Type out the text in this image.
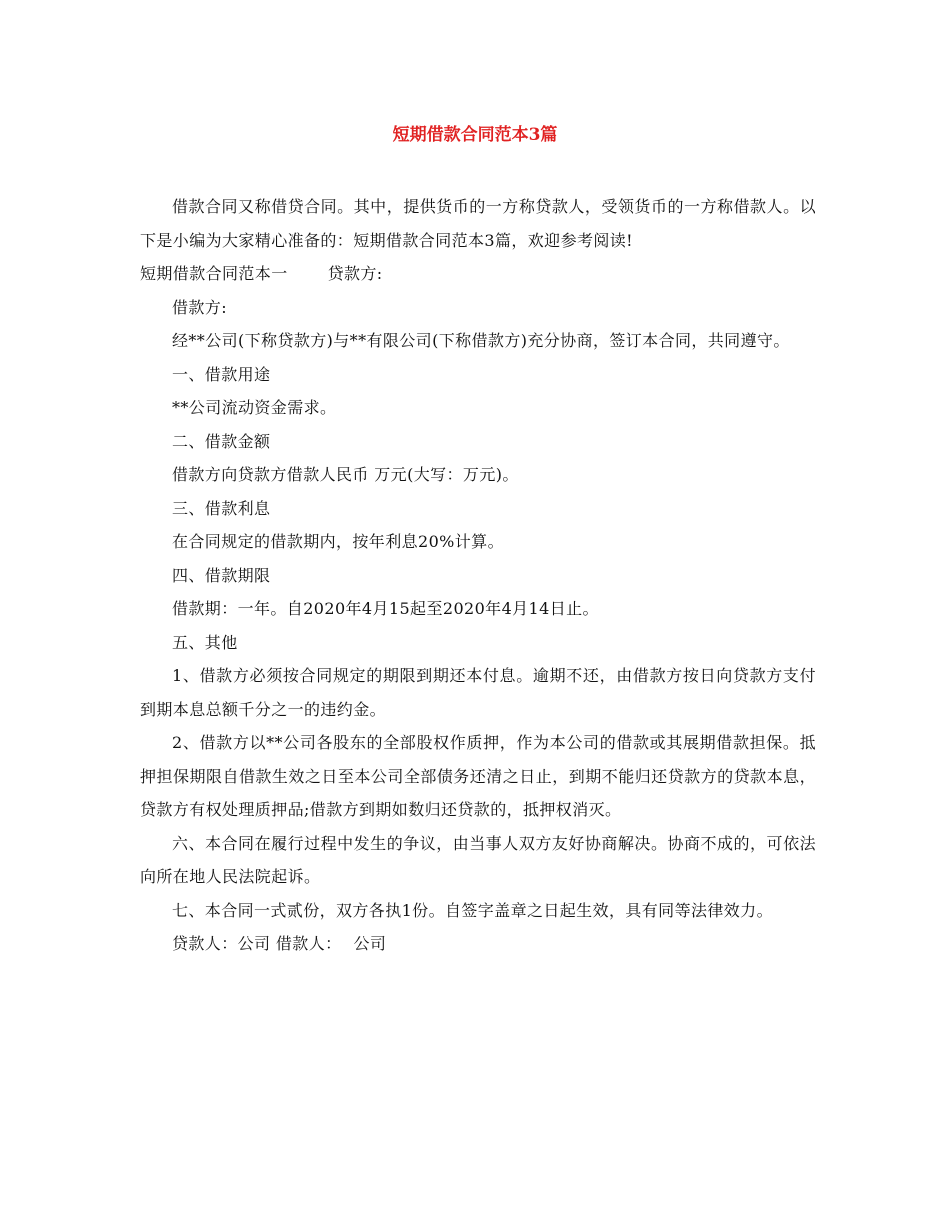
短期借款合同范本3篇

借款合同又称借贷合同。其中，提供货币的一方称贷款人，受领货币的一方称借款人。以下是小编为大家精心准备的：短期借款合同范本3篇，欢迎参考阅读!

短期借款合同范本一	贷款方:

借款方:

经**公司(下称贷款方)与**有限公司(下称借款方)充分协商，签订本合同，共同遵守。

一、借款用途

**公司流动资金需求。

二、借款金额

借款方向贷款方借款人民币 万元(大写：万元)。

三、借款利息

在合同规定的借款期内，按年利息20%计算。

四、借款期限

借款期：一年。自2020年4月15起至2020年4月14日止。

五、其他

1、借款方必须按合同规定的期限到期还本付息。逾期不还，由借款方按日向贷款方支付到期本息总额千分之一的违约金。

2、借款方以**公司各股东的全部股权作质押，作为本公司的借款或其展期借款担保。抵押担保期限自借款生效之日至本公司全部债务还清之日止，到期不能归还贷款方的贷款本息，贷款方有权处理质押品;借款方到期如数归还贷款的，抵押权消灭。

六、本合同在履行过程中发生的争议，由当事人双方友好协商解决。协商不成的，可依法向所在地人民法院起诉。

七、本合同一式贰份，双方各执1份。自签字盖章之日起生效，具有同等法律效力。

贷款人：公司 借款人： 公司
